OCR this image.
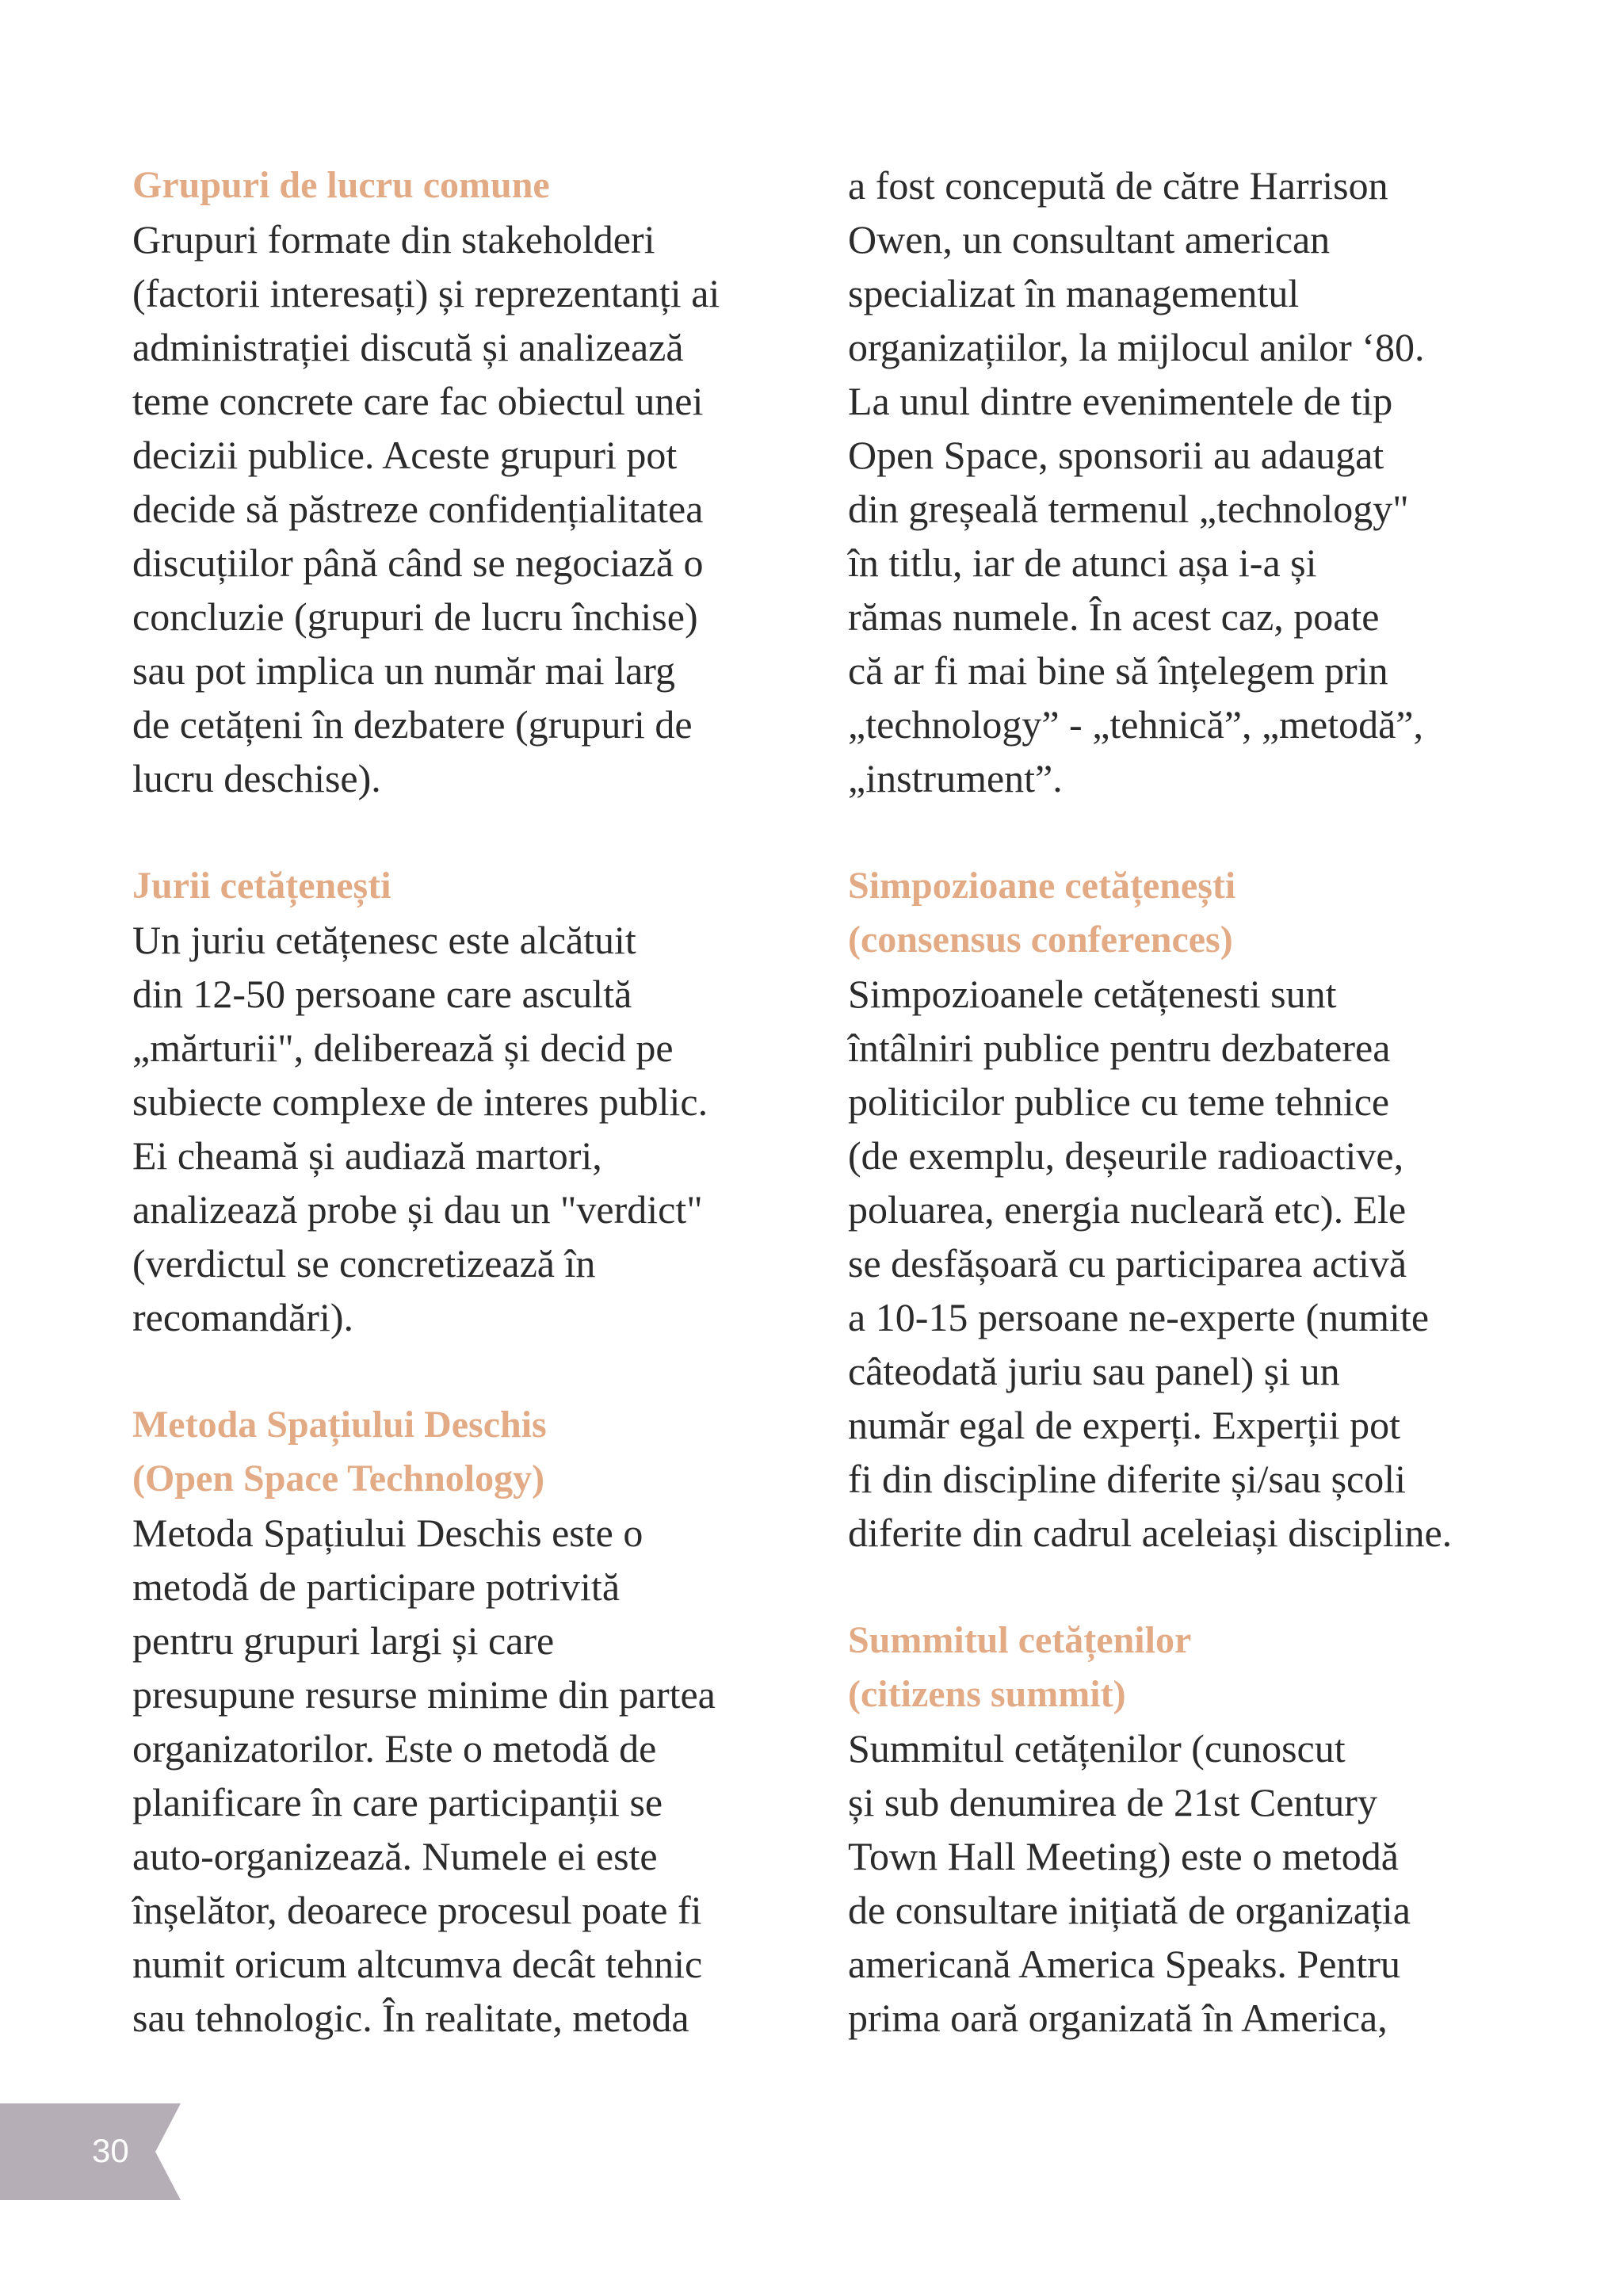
Grupuri de lucru comune
Grupuri formate din stakeholderi
(factorii interesați) și reprezentanți ai
administrației discută și analizează
teme concrete care fac obiectul unei
decizii publice. Aceste grupuri pot
decide să păstreze confidențialitatea
discuțiilor până când se negociază o
concluzie (grupuri de lucru închise)
sau pot implica un număr mai larg
de cetățeni în dezbatere (grupuri de
lucru deschise).
Jurii cetățenești
Un juriu cetățenesc este alcătuit
din 12-50 persoane care ascultă
„mărturii", deliberează și decid pe
subiecte complexe de interes public.
Ei cheamă și audiază martori,
analizează probe și dau un "verdict"
(verdictul se concretizează în
recomandări).
Metoda Spațiului Deschis
(Open Space Technology)
Metoda Spațiului Deschis este o
metodă de participare potrivită
pentru grupuri largi și care
presupune resurse minime din partea
organizatorilor. Este o metodă de
planificare în care participanții se
auto-organizează. Numele ei este
înșelător, deoarece procesul poate fi
numit oricum altcumva decât tehnic
sau tehnologic. În realitate, metoda
a fost concepută de către Harrison
Owen, un consultant american
specializat în managementul
organizațiilor, la mijlocul anilor ‘80.
La unul dintre evenimentele de tip
Open Space, sponsorii au adaugat
din greșeală termenul „technology"
în titlu, iar de atunci așa i-a și
rămas numele. În acest caz, poate
că ar fi mai bine să înțelegem prin
„technology” - „tehnică”, „metodă”,
„instrument”.
Simpozioane cetățenești
(consensus conferences)
Simpozioanele cetățenesti sunt
întâlniri publice pentru dezbaterea
politicilor publice cu teme tehnice
(de exemplu, deșeurile radioactive,
poluarea, energia nucleară etc). Ele
se desfășoară cu participarea activă
a 10-15 persoane ne-experte (numite
câteodată juriu sau panel) și un
număr egal de experți. Experții pot
fi din discipline diferite și/sau școli
diferite din cadrul aceleiași discipline.
Summitul cetățenilor
(citizens summit)
Summitul cetățenilor (cunoscut
și sub denumirea de 21st Century
Town Hall Meeting) este o metodă
de consultare inițiată de organizația
americană America Speaks. Pentru
prima oară organizată în America,
30
